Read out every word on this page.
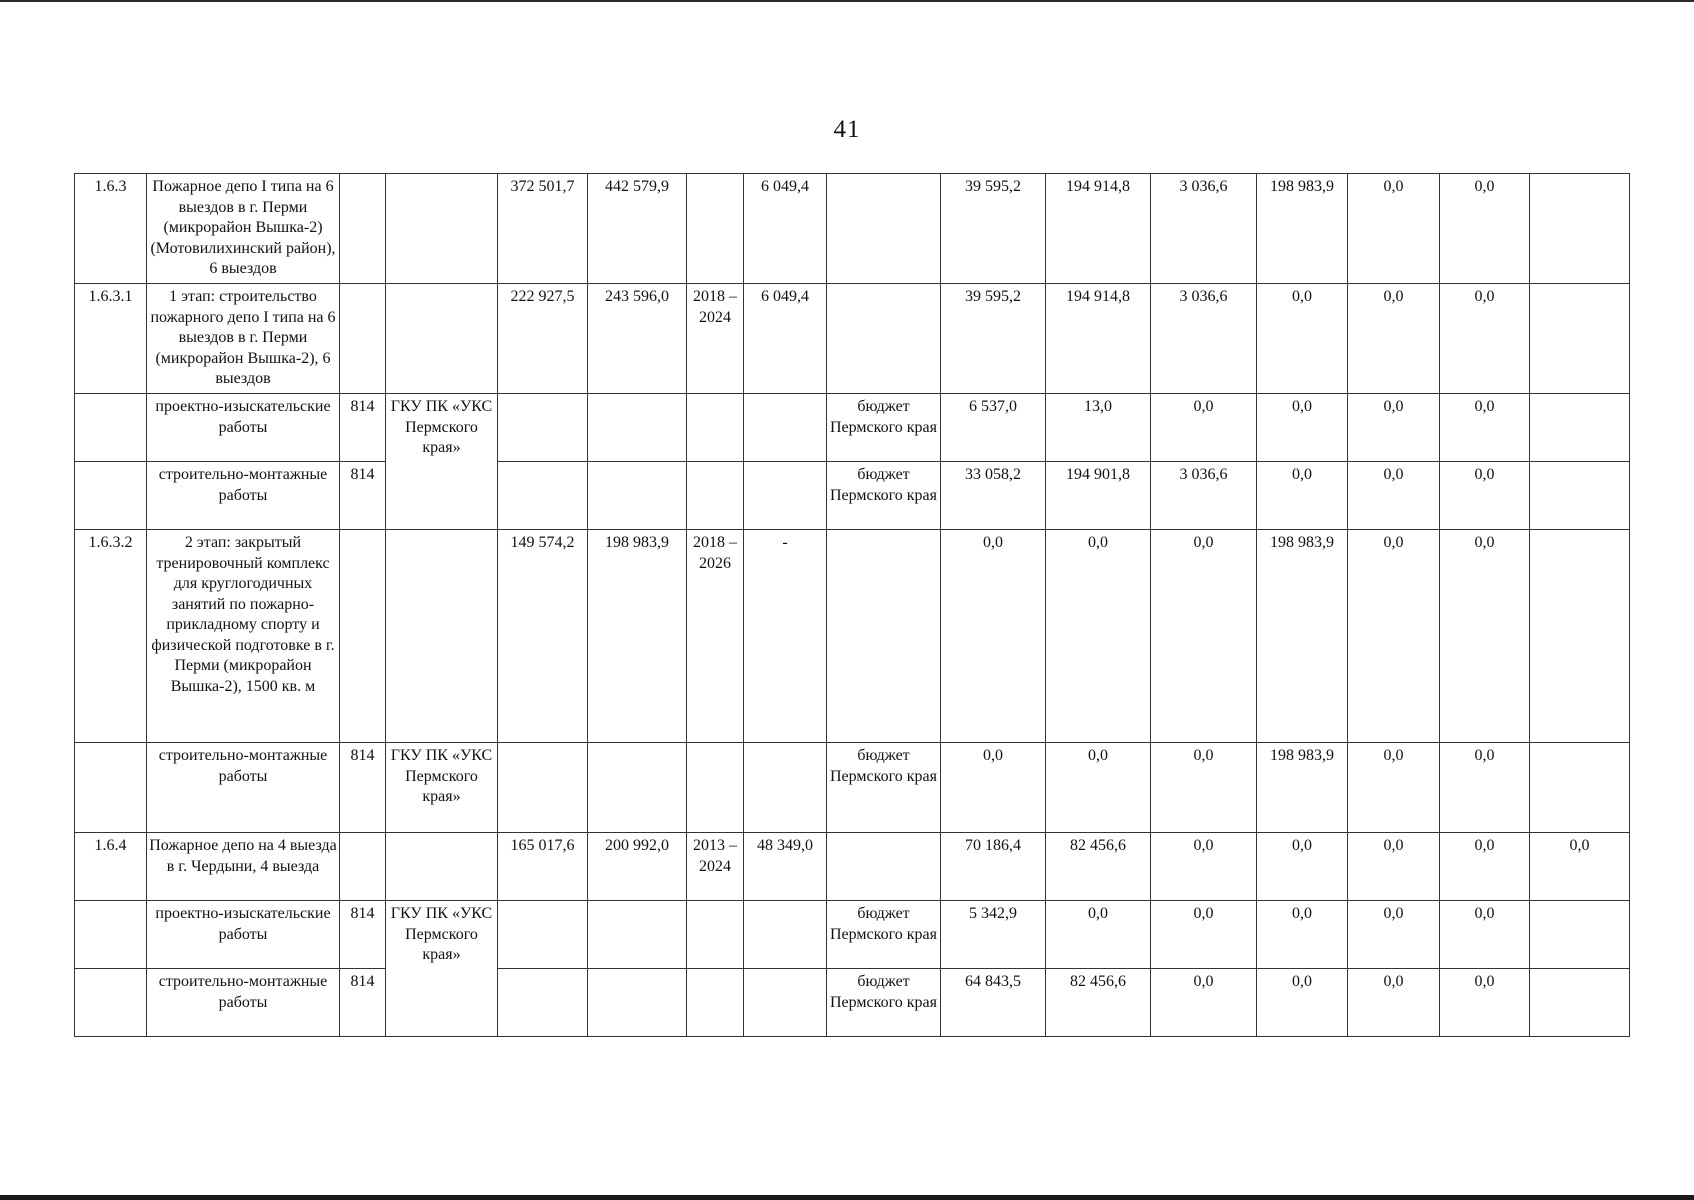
41
1.6.3	Пожарное депо I типа на 6 выездов в г. Перми (микрорайон Вышка-2) (Мотовилихинский район), 6 выездов			372 501,7	442 579,9		6 049,4		39 595,2	194 914,8	3 036,6	198 983,9	0,0	0,0	
1.6.3.1	1 этап: строительство пожарного депо I типа на 6 выездов в г. Перми (микрорайон Вышка-2), 6 выездов			222 927,5	243 596,0	2018 – 2024	6 049,4		39 595,2	194 914,8	3 036,6	0,0	0,0	0,0	
	проектно-изыскательские работы	814	ГКУ ПК «УКС Пермского края»					бюджет Пермского края	6 537,0	13,0	0,0	0,0	0,0	0,0	
	строительно-монтажные работы	814						бюджет Пермского края	33 058,2	194 901,8	3 036,6	0,0	0,0	0,0	
1.6.3.2	2 этап: закрытый тренировочный комплекс для круглогодичных занятий по пожарно-прикладному спорту и физической подготовке в г. Перми (микрорайон Вышка-2), 1500 кв. м			149 574,2	198 983,9	2018 – 2026	-		0,0	0,0	0,0	198 983,9	0,0	0,0	
	строительно-монтажные работы	814	ГКУ ПК «УКС Пермского края»					бюджет Пермского края	0,0	0,0	0,0	198 983,9	0,0	0,0	
1.6.4	Пожарное депо на 4 выезда в г. Чердыни, 4 выезда			165 017,6	200 992,0	2013 – 2024	48 349,0		70 186,4	82 456,6	0,0	0,0	0,0	0,0	0,0
	проектно-изыскательские работы	814	ГКУ ПК «УКС Пермского края»					бюджет Пермского края	5 342,9	0,0	0,0	0,0	0,0	0,0	
	строительно-монтажные работы	814						бюджет Пермского края	64 843,5	82 456,6	0,0	0,0	0,0	0,0	
